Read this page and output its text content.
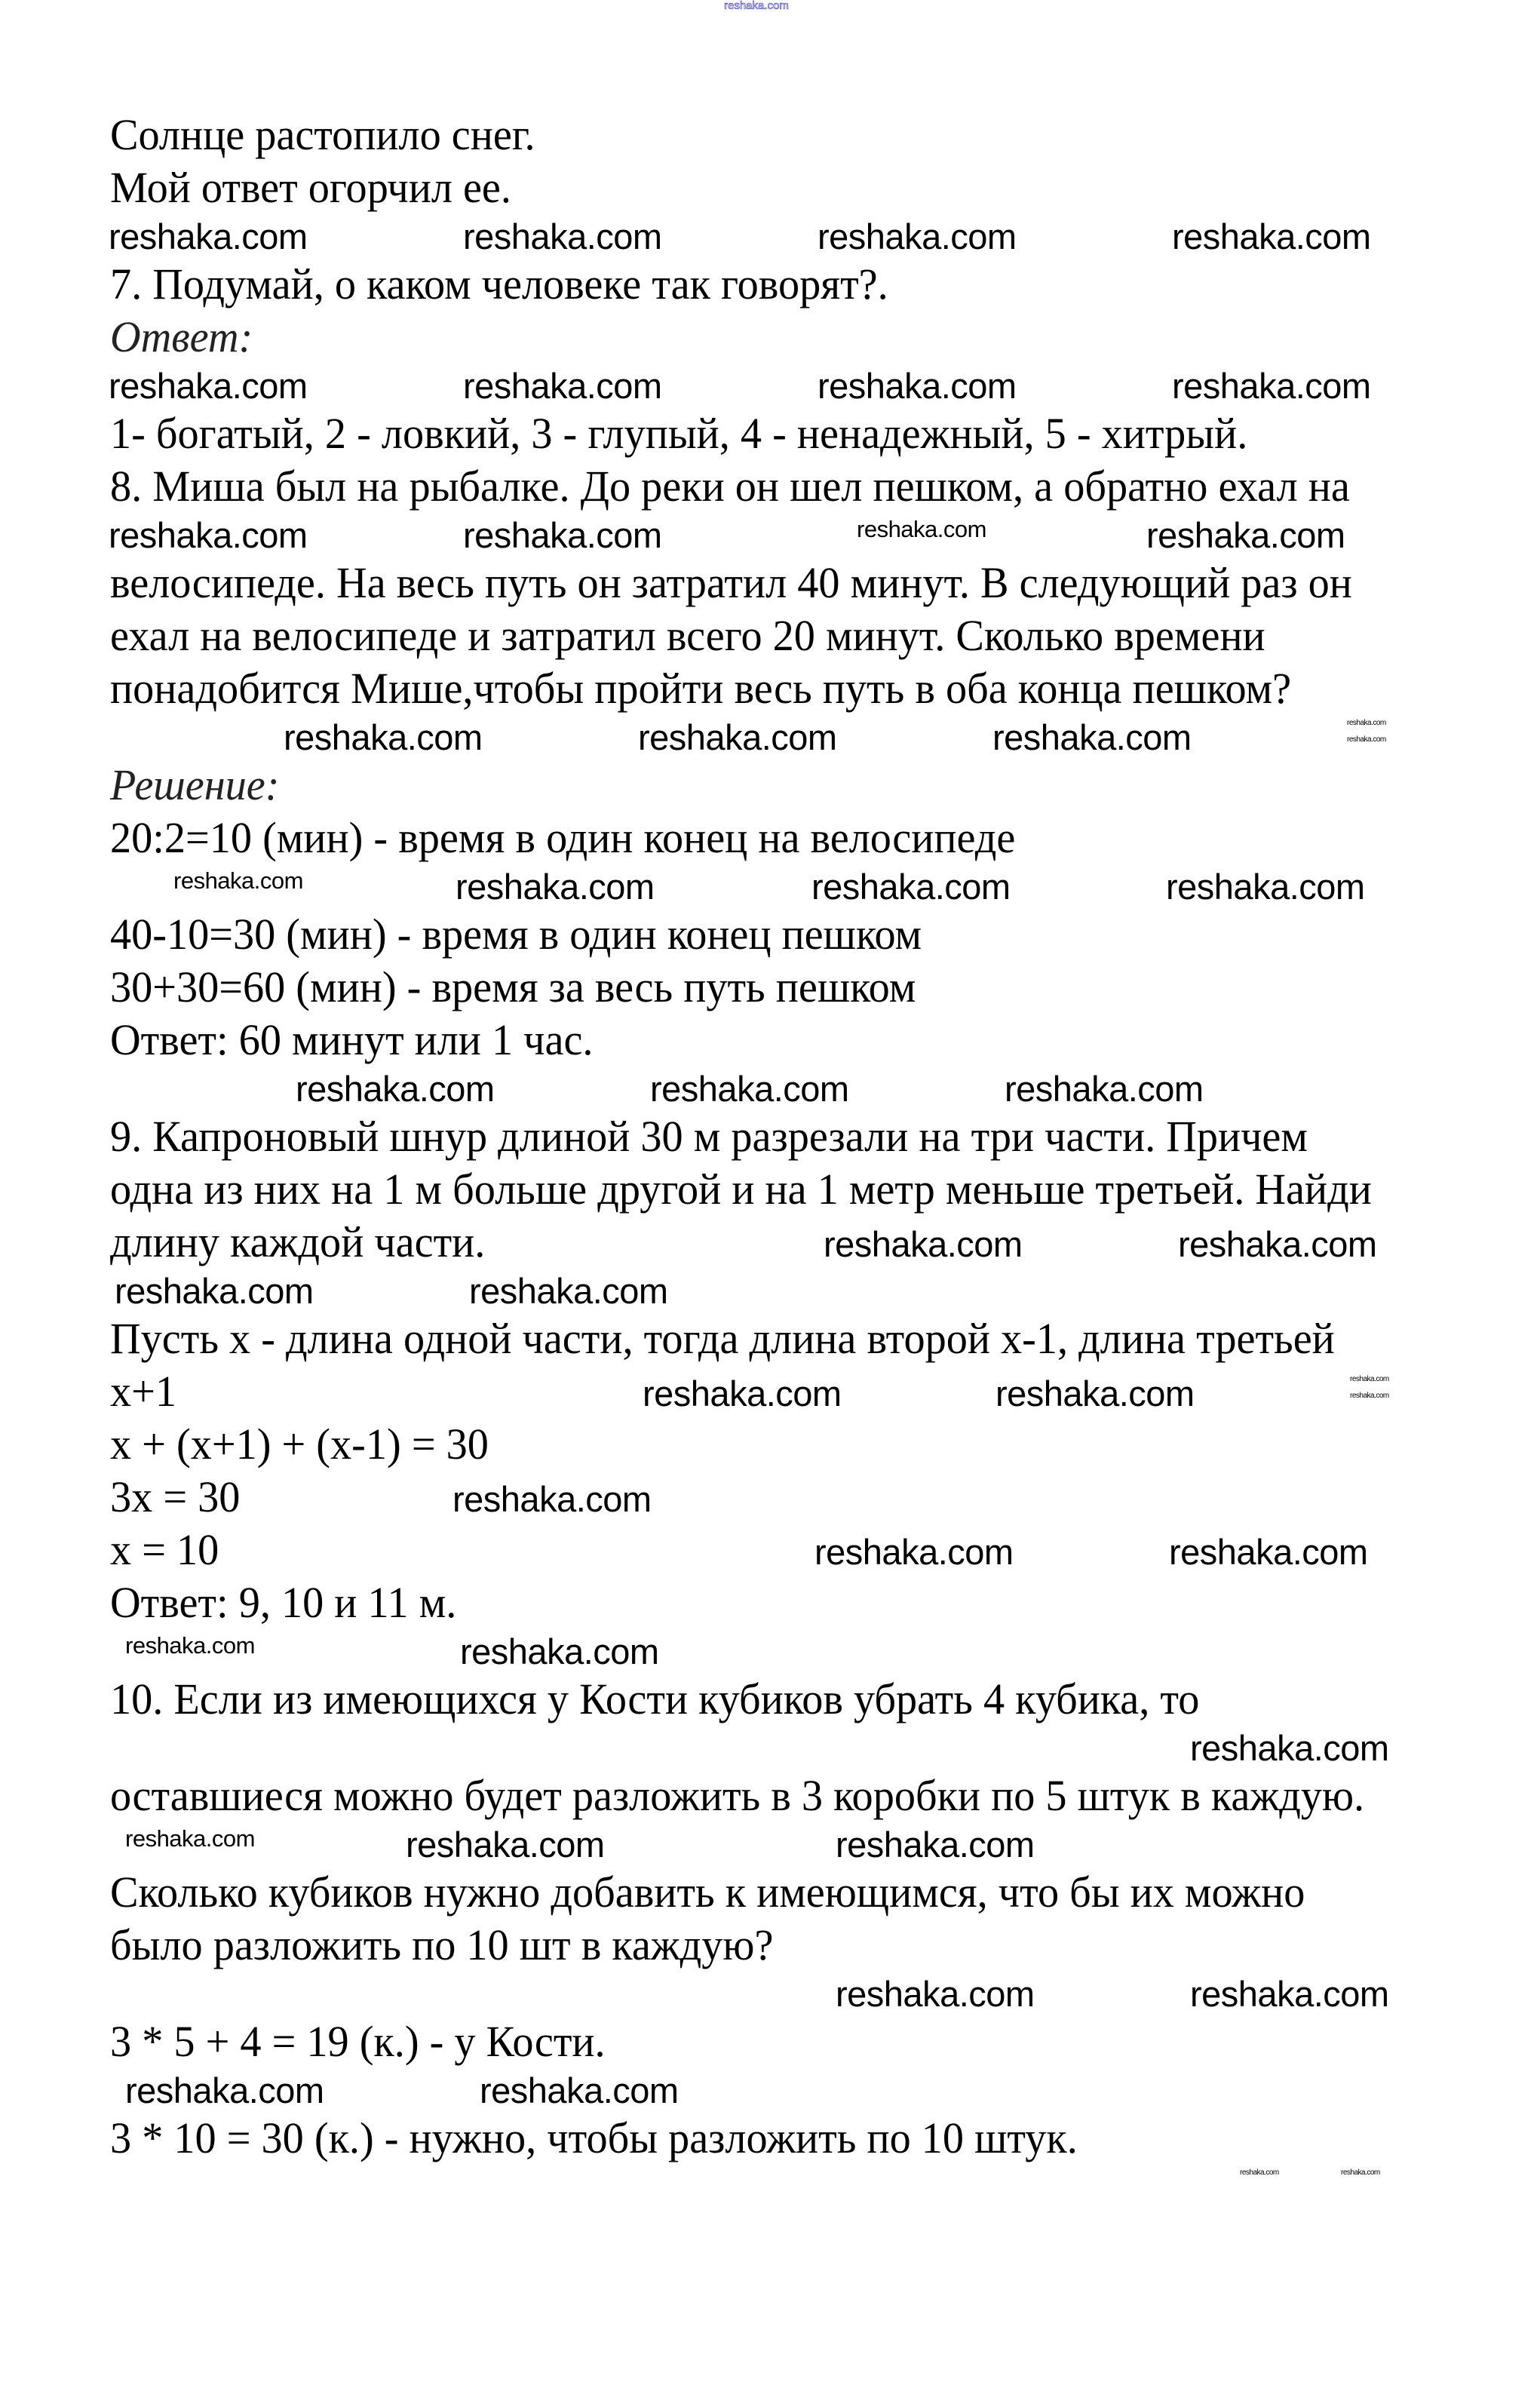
reshaka.com
Солнце растопило снег.
Мой ответ огорчил ее.
reshaka.com	reshaka.com	reshaka.com	reshaka.com
7. Подумай, о каком человеке так говорят?.
Ответ:
reshaka.com	reshaka.com	reshaka.com	reshaka.com
1- богатый, 2 - ловкий, 3 - глупый, 4 - ненадежный, 5 - хитрый.
8. Миша был на рыбалке. До реки он шел пешком, а обратно ехал на
reshaka.com	reshaka.com	reshaka.com	reshaka.com
велосипеде. На весь путь он затратил 40 минут. В следующий раз он
ехал на велосипеде и затратил всего 20 минут. Сколько времени
понадобится Мише,чтобы пройти весь путь в оба конца пешком?
reshaka.com	reshaka.com	reshaka.com	reshaka.com
reshaka.com
Решение:
20:2=10 (мин) - время в один конец на велосипеде
reshaka.com	reshaka.com	reshaka.com	reshaka.com
40-10=30 (мин) - время в один конец пешком
30+30=60 (мин) - время за весь путь пешком
Ответ: 60 минут или 1 час.
reshaka.com	reshaka.com	reshaka.com
9. Капроновый шнур длиной 30 м разрезали на три части. Причем
одна из них на 1 м больше другой и на 1 метр меньше третьей. Найди
длину каждой части.	reshaka.com	reshaka.com
reshaka.com	reshaka.com
Пусть x - длина одной части, тогда длина второй x-1, длина третьей
x+1	reshaka.com	reshaka.com	reshaka.com
reshaka.com
x + (x+1) + (x-1) = 30
3x = 30	reshaka.com
x = 10	reshaka.com	reshaka.com
Ответ: 9, 10 и 11 м.
reshaka.com	reshaka.com
10. Если из имеющихся у Кости кубиков убрать 4 кубика, то
reshaka.com
оставшиеся можно будет разложить в 3 коробки по 5 штук в каждую.
reshaka.com	reshaka.com	reshaka.com
Сколько кубиков нужно добавить к имеющимся, что бы их можно
было разложить по 10 шт в каждую?
reshaka.com	reshaka.com
3 * 5 + 4 = 19 (к.) - у Кости.
reshaka.com	reshaka.com
3 * 10 = 30 (к.) - нужно, чтобы разложить по 10 штук.
reshaka.com	reshaka.com
